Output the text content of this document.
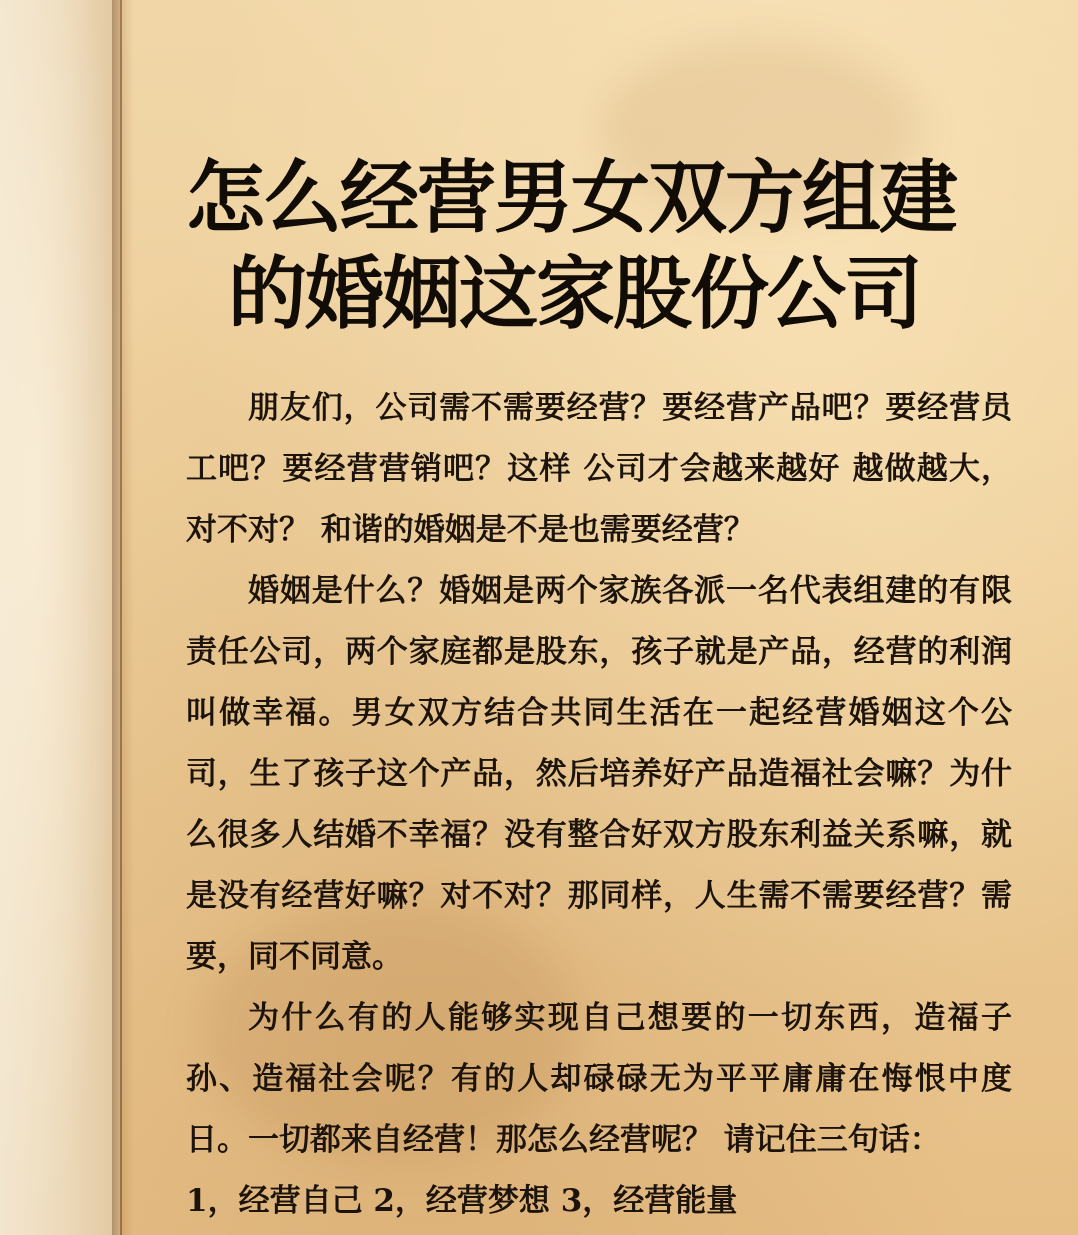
怎么经营男女双方组建
的婚姻这家股份公司

朋友们，公司需不需要经营？要经营产品吧？要经营员工吧？要经营营销吧？这样 公司才会越来越好 越做越大，对不对？ 和谐的婚姻是不是也需要经营？

婚姻是什么？婚姻是两个家族各派一名代表组建的有限责任公司，两个家庭都是股东，孩子就是产品，经营的利润叫做幸福。男女双方结合共同生活在一起经营婚姻这个公司，生了孩子这个产品，然后培养好产品造福社会嘛？为什么很多人结婚不幸福？没有整合好双方股东利益关系嘛，就是没有经营好嘛？对不对？那同样，人生需不需要经营？需要，同不同意。

为什么有的人能够实现自己想要的一切东西，造福子孙、造福社会呢？有的人却碌碌无为平平庸庸在悔恨中度日。一切都来自经营！那怎么经营呢？ 请记住三句话：

1，经营自己 2，经营梦想 3，经营能量
